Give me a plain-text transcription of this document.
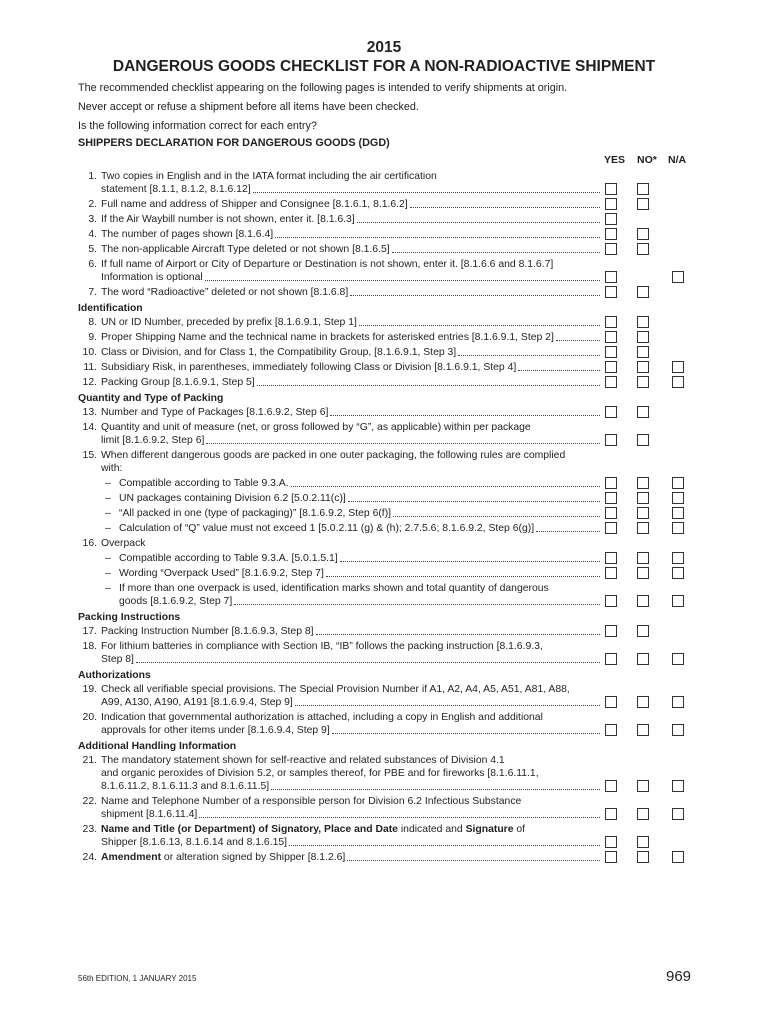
2015
DANGEROUS GOODS CHECKLIST FOR A NON-RADIOACTIVE SHIPMENT
The recommended checklist appearing on the following pages is intended to verify shipments at origin.
Never accept or refuse a shipment before all items have been checked.
Is the following information correct for each entry?
SHIPPERS DECLARATION FOR DANGEROUS GOODS (DGD)
YES NO* N/A
1. Two copies in English and in the IATA format including the air certification
statement [8.1.1, 8.1.2, 8.1.6.12]
2. Full name and address of Shipper and Consignee [8.1.6.1, 8.1.6.2]
3. If the Air Waybill number is not shown, enter it. [8.1.6.3]
4. The number of pages shown [8.1.6.4]
5. The non-applicable Aircraft Type deleted or not shown [8.1.6.5]
6. If full name of Airport or City of Departure or Destination is not shown, enter it. [8.1.6.6 and 8.1.6.7]
Information is optional
7. The word “Radioactive” deleted or not shown [8.1.6.8]
Identification
8. UN or ID Number, preceded by prefix [8.1.6.9.1, Step 1]
9. Proper Shipping Name and the technical name in brackets for asterisked entries [8.1.6.9.1, Step 2]
10. Class or Division, and for Class 1, the Compatibility Group, [8.1.6.9.1, Step 3]
11. Subsidiary Risk, in parentheses, immediately following Class or Division [8.1.6.9.1, Step 4]
12. Packing Group [8.1.6.9.1, Step 5]
Quantity and Type of Packing
13. Number and Type of Packages [8.1.6.9.2, Step 6]
14. Quantity and unit of measure (net, or gross followed by “G”, as applicable) within per package
limit [8.1.6.9.2, Step 6]
15. When different dangerous goods are packed in one outer packaging, the following rules are complied
with:
– Compatible according to Table 9.3.A.
– UN packages containing Division 6.2 [5.0.2.11(c)]
– “All packed in one (type of packaging)” [8.1.6.9.2, Step 6(f)]
– Calculation of “Q” value must not exceed 1 [5.0.2.11 (g) & (h); 2.7.5.6; 8.1.6.9.2, Step 6(g)]
16. Overpack
– Compatible according to Table 9.3.A. [5.0.1.5.1]
– Wording “Overpack Used” [8.1.6.9.2, Step 7]
– If more than one overpack is used, identification marks shown and total quantity of dangerous
goods [8.1.6.9.2, Step 7]
Packing Instructions
17. Packing Instruction Number [8.1.6.9.3, Step 8]
18. For lithium batteries in compliance with Section IB, “IB” follows the packing instruction [8.1.6.9.3,
Step 8]
Authorizations
19. Check all verifiable special provisions. The Special Provision Number if A1, A2, A4, A5, A51, A81, A88,
A99, A130, A190, A191 [8.1.6.9.4, Step 9]
20. Indication that governmental authorization is attached, including a copy in English and additional
approvals for other items under [8.1.6.9.4, Step 9]
Additional Handling Information
21. The mandatory statement shown for self-reactive and related substances of Division 4.1
and organic peroxides of Division 5.2, or samples thereof, for PBE and for fireworks [8.1.6.11.1,
8.1.6.11.2, 8.1.6.11.3 and 8.1.6.11.5]
22. Name and Telephone Number of a responsible person for Division 6.2 Infectious Substance
shipment [8.1.6.11.4]
23. Name and Title (or Department) of Signatory, Place and Date indicated and Signature of
Shipper [8.1.6.13, 8.1.6.14 and 8.1.6.15]
24. Amendment or alteration signed by Shipper [8.1.2.6]
56th EDITION, 1 JANUARY 2015	969
